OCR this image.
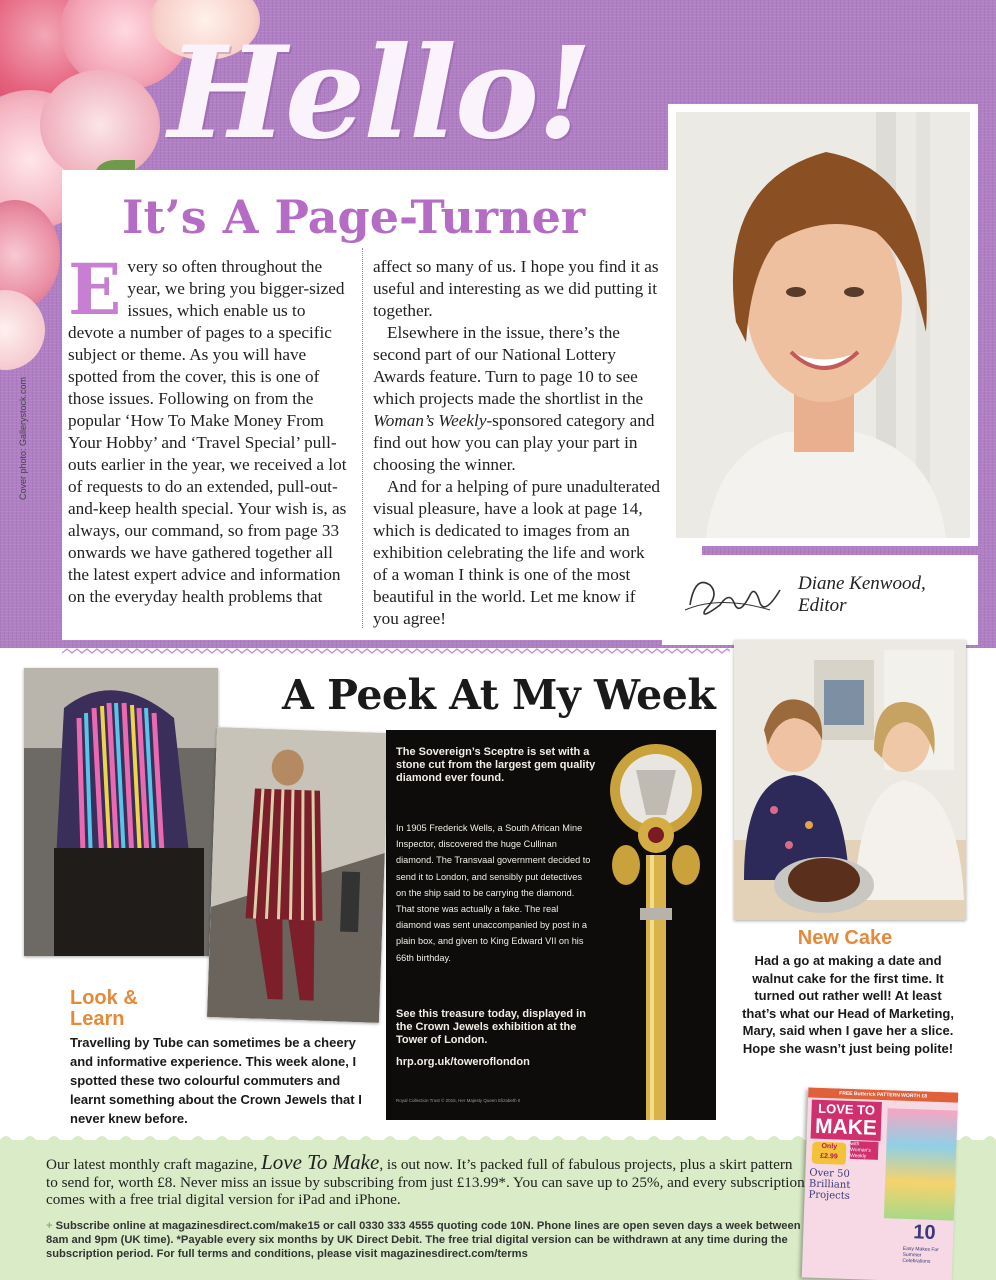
Hello!
It’s A Page-Turner

Every so often throughout the year, we bring you bigger-sized issues, which enable us to devote a number of pages to a specific subject or theme. As you will have spotted from the cover, this is one of those issues. Following on from the popular ‘How To Make Money From Your Hobby’ and ‘Travel Special’ pull-outs earlier in the year, we received a lot of requests to do an extended, pull-out-and-keep health special. Your wish is, as always, our command, so from page 33 onwards we have gathered together all the latest expert advice and information on the everyday health problems that

affect so many of us. I hope you find it as useful and interesting as we did putting it together.

Elsewhere in the issue, there’s the second part of our National Lottery Awards feature. Turn to page 10 to see which projects made the shortlist in the Woman’s Weekly-sponsored category and find out how you can play your part in choosing the winner.

And for a helping of pure unadulterated visual pleasure, have a look at page 14, which is dedicated to images from an exhibition celebrating the life and work of a woman I think is one of the most beautiful in the world. Let me know if you agree!

Cover photo: Gallerystock.com
Diane Kenwood,
Editor
A Peek At My Week
Look &
Learn
Travelling by Tube can sometimes be a cheery and informative experience. This week alone, I spotted these two colourful commuters and learnt something about the Crown Jewels that I never knew before.
The Sovereign’s Sceptre is set with a stone cut from the largest gem quality diamond ever found.
In 1905 Frederick Wells, a South African Mine Inspector, discovered the huge Cullinan diamond. The Transvaal government decided to send it to London, and sensibly put detectives on the ship said to be carrying the diamond. That stone was actually a fake. The real diamond was sent unaccompanied by post in a plain box, and given to King Edward VII on his 66th birthday.
See this treasure today, displayed in the Crown Jewels exhibition at the Tower of London.
hrp.org.uk/toweroflondon
Royal Collection Trust © 2015, Her Majesty Queen Elizabeth II
New Cake
Had a go at making a date and walnut cake for the first time. It turned out rather well! At least that’s what our Head of Marketing, Mary, said when I gave her a slice. Hope she wasn’t just being polite!
Our latest monthly craft magazine, Love To Make, is out now. It’s packed full of fabulous projects, plus a skirt pattern to send for, worth £8. Never miss an issue by subscribing from just £13.99*. You can save up to 25%, and every subscription comes with a free trial digital version for iPad and iPhone.
+ Subscribe online at magazinesdirect.com/make15 or call 0330 333 4555 quoting code 10N. Phone lines are open seven days a week between 8am and 9pm (UK time). *Payable every six months by UK Direct Debit. The free trial digital version can be withdrawn at any time during the subscription period. For full terms and conditions, please visit magazinesdirect.com/terms
FREE Butterick PATTERN WORTH £8
LOVE TO
MAKE
with Woman's Weekly
Only £2.99
Over 50 Brilliant Projects
10
Easy Makes For Summer Celebrations
